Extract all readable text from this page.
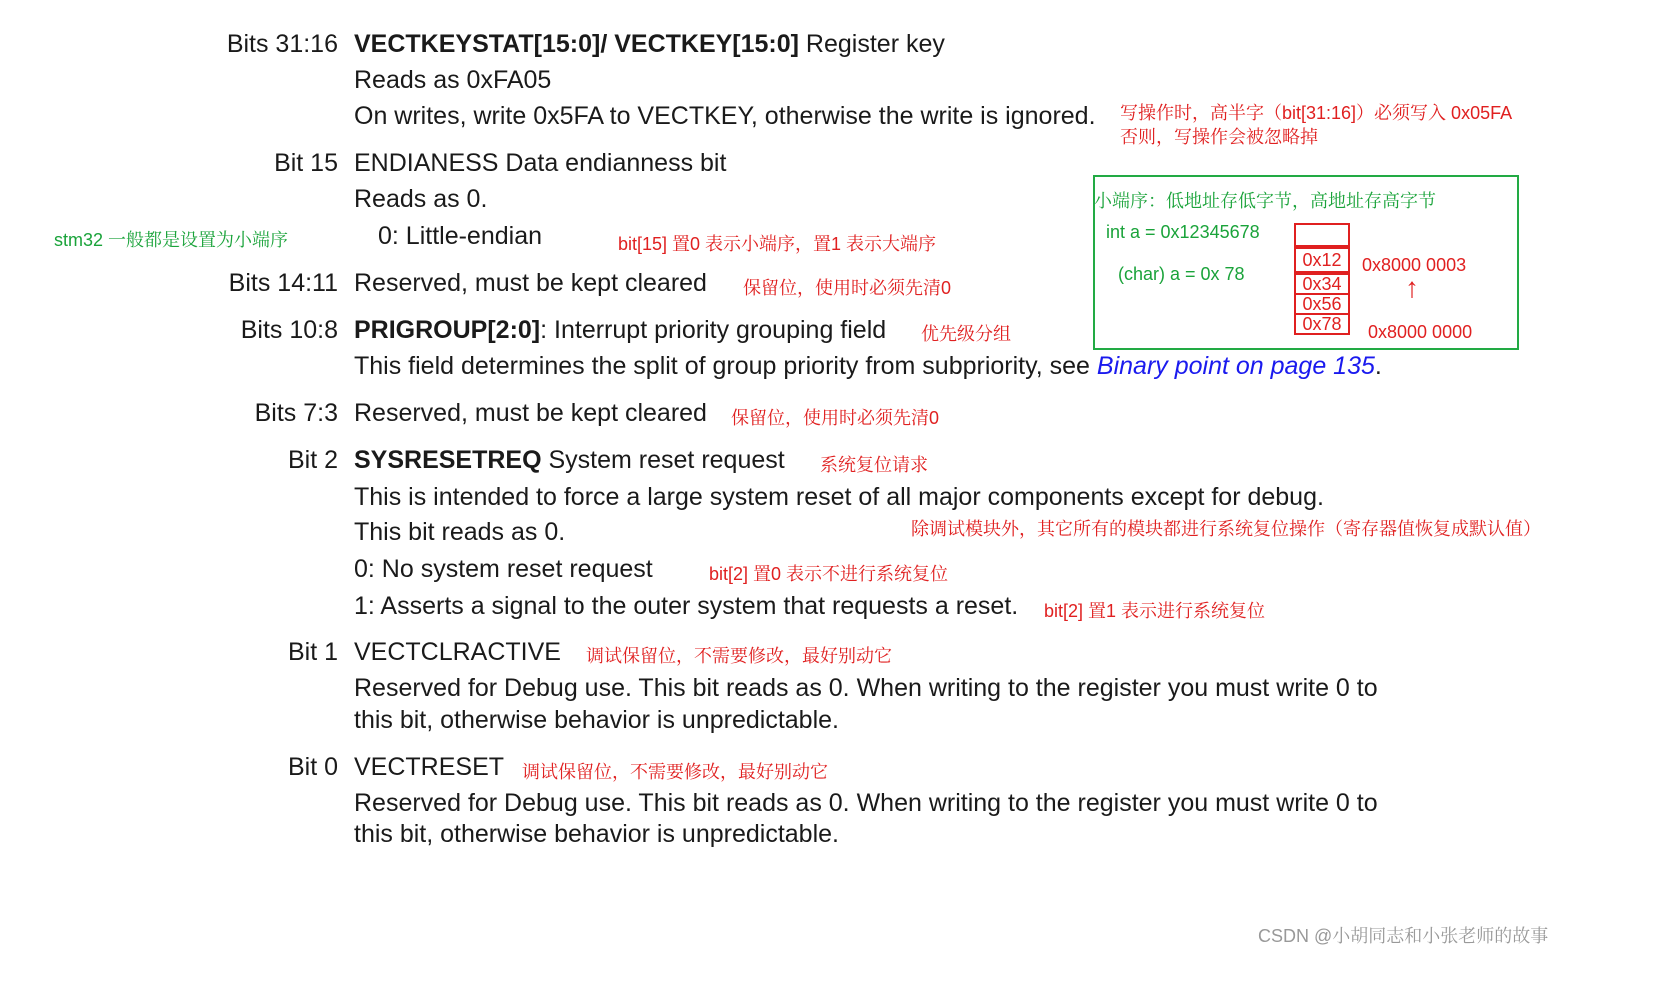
Bits 31:16 VECTKEYSTAT[15:0]/ VECTKEY[15:0] Register key
Reads as 0xFA05
On writes, write 0x5FA to VECTKEY, otherwise the write is ignored. 写操作时，高半字（bit[31:16]）必须写入 0x05FA
否则，写操作会被忽略掉
Bit 15 ENDIANESS Data endianness bit
Reads as 0.
0: Little-endian
stm32 一般都是设置为小端序	bit[15] 置0 表示小端序，置1 表示大端序
Bits 14:11 Reserved, must be kept cleared 保留位，使用时必须先清0
Bits 10:8 PRIGROUP[2:0]: Interrupt priority grouping field 优先级分组
This field determines the split of group priority from subpriority, see Binary point on page 135.
Bits 7:3 Reserved, must be kept cleared 保留位，使用时必须先清0
Bit 2 SYSRESETREQ System reset request 系统复位请求
This is intended to force a large system reset of all major components except for debug.
This bit reads as 0.	除调试模块外，其它所有的模块都进行系统复位操作（寄存器值恢复成默认值）
0: No system reset request	bit[2] 置0 表示不进行系统复位
1: Asserts a signal to the outer system that requests a reset. bit[2] 置1 表示进行系统复位
Bit 1 VECTCLRACTIVE 调试保留位，不需要修改，最好别动它
Reserved for Debug use. This bit reads as 0. When writing to the register you must write 0 to
this bit, otherwise behavior is unpredictable.
Bit 0 VECTRESET 调试保留位，不需要修改，最好别动它
Reserved for Debug use. This bit reads as 0. When writing to the register you must write 0 to
this bit, otherwise behavior is unpredictable.
小端序：低地址存低字节，高地址存高字节
int a = 0x12345678
(char) a = 0x 78
0x12
0x34
0x56
0x78
0x8000 0003
↑
0x8000 0000
CSDN @小胡同志和小张老师的故事
